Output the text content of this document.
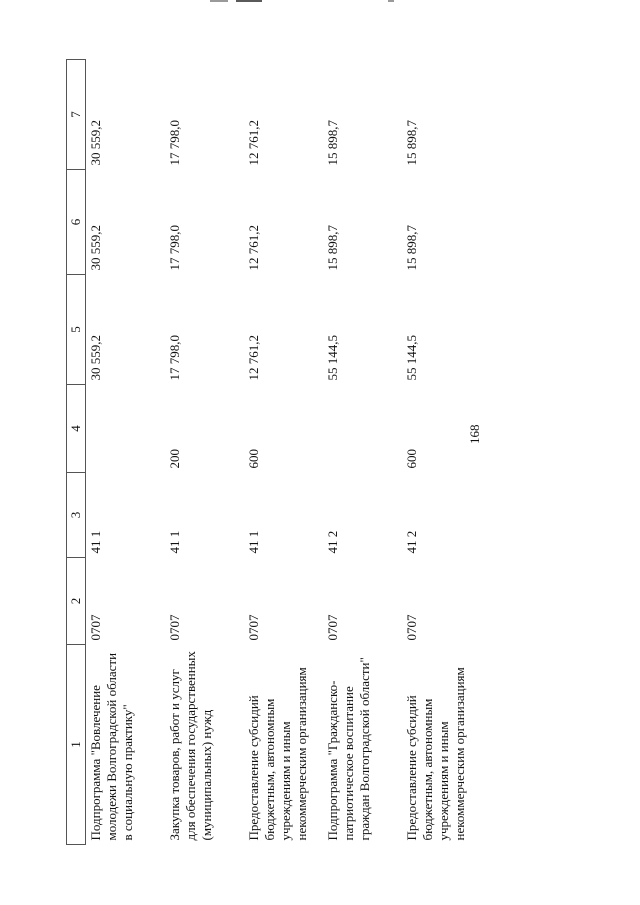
168
1	2	3	4	5	6	7
Подпрограмма "Вовлечение молодежи Волгоградской области в социальную практику"	0707	41 1		30 559,2	30 559,2	30 559,2
Закупка товаров, работ и услуг для обеспечения государственных (муниципальных) нужд	0707	41 1	200	17 798,0	17 798,0	17 798,0
Предоставление субсидий бюджетным, автономным учреждениям и иным некоммерческим организациям	0707	41 1	600	12 761,2	12 761,2	12 761,2
Подпрограмма "Гражданско-патриотическое воспитание граждан Волгоградской области"	0707	41 2		55 144,5	15 898,7	15 898,7
Предоставление субсидий бюджетным, автономным учреждениям и иным некоммерческим организациям	0707	41 2	600	55 144,5	15 898,7	15 898,7
